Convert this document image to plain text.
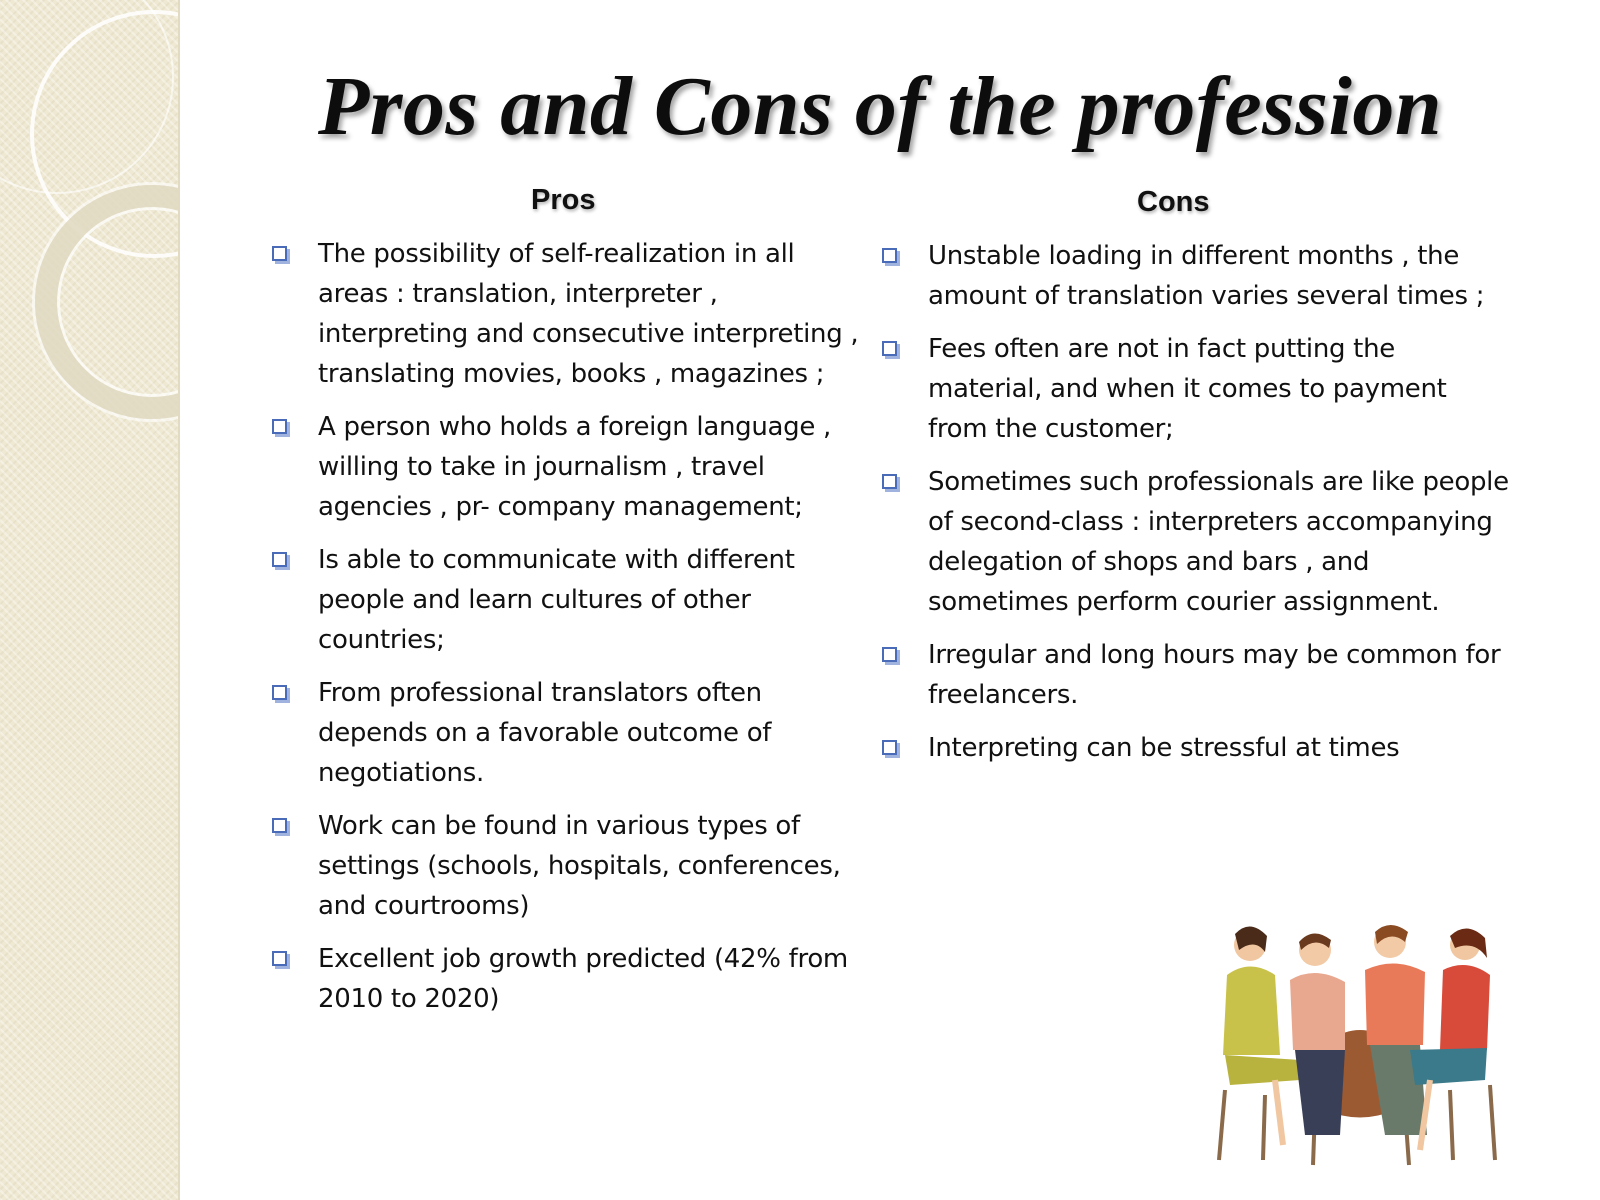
Pros and Cons of the profession
Pros	Cons
The possibility of self-realization in all areas : translation, interpreter , interpreting and consecutive interpreting , translating movies, books , magazines ;
A person who holds a foreign language , willing to take in journalism , travel agencies , pr- company management;
Is able to communicate with different people and learn cultures of other countries;
From professional translators often depends on a favorable outcome of negotiations.
Work can be found in various types of settings (schools, hospitals, conferences, and courtrooms)
Excellent job growth predicted (42% from 2010 to 2020)
Unstable loading in different months , the amount of translation varies several times ;
Fees often are not in fact putting the material, and when it comes to payment from the customer;
Sometimes such professionals are like people of second-class : interpreters accompanying delegation of shops and bars , and sometimes perform courier assignment.
Irregular and long hours may be common for freelancers.
Interpreting can be stressful at times
